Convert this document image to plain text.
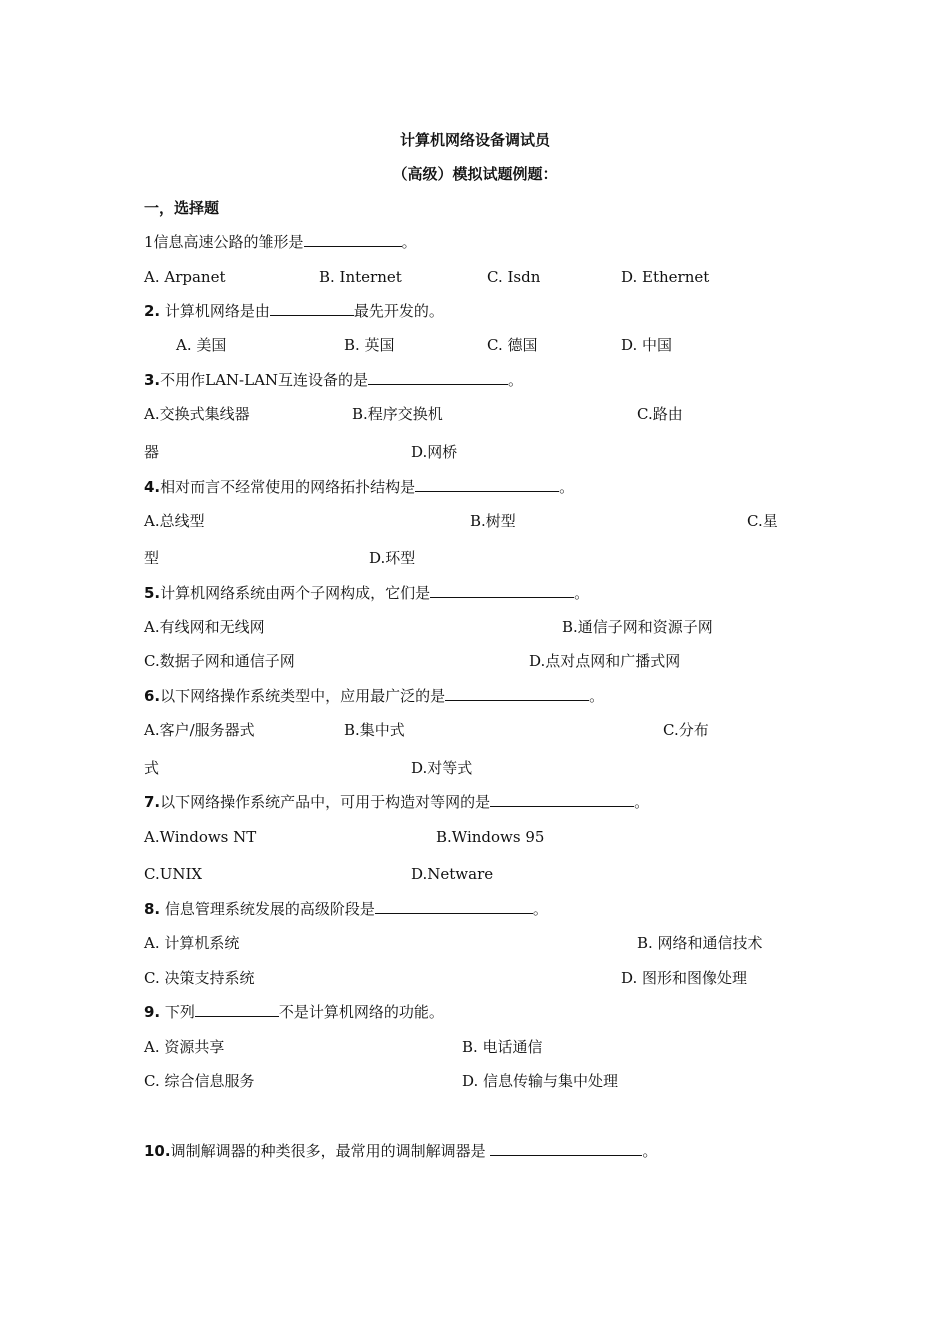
计算机网络设备调试员
（高级）模拟试题例题：
一，选择题
1信息高速公路的雏形是	。
A. Arpanet	B. Internet	C. Isdn	D. Ethernet
2. 计算机网络是由	最先开发的。
A. 美国	B. 英国	C. 德国	D. 中国
3.不用作LAN-LAN互连设备的是	。
A.交换式集线器	B.程序交换机	C.路由
器	D.网桥
4.相对而言不经常使用的网络拓扑结构是	。
A.总线型	B.树型	C.星
型	D.环型
5.计算机网络系统由两个子网构成，它们是	。
A.有线网和无线网	B.通信子网和资源子网
C.数据子网和通信子网	D.点对点网和广播式网
6.以下网络操作系统类型中，应用最广泛的是	。
A.客户/服务器式	B.集中式	C.分布
式	D.对等式
7.以下网络操作系统产品中，可用于构造对等网的是	。
A.Windows NT	B.Windows 95
C.UNIX	D.Netware
8. 信息管理系统发展的高级阶段是	。
A. 计算机系统	B. 网络和通信技术
C. 决策支持系统	D. 图形和图像处理
9. 下列	不是计算机网络的功能。
A. 资源共享	B. 电话通信
C. 综合信息服务	D. 信息传输与集中处理
10.调制解调器的种类很多，最常用的调制解调器是	。
